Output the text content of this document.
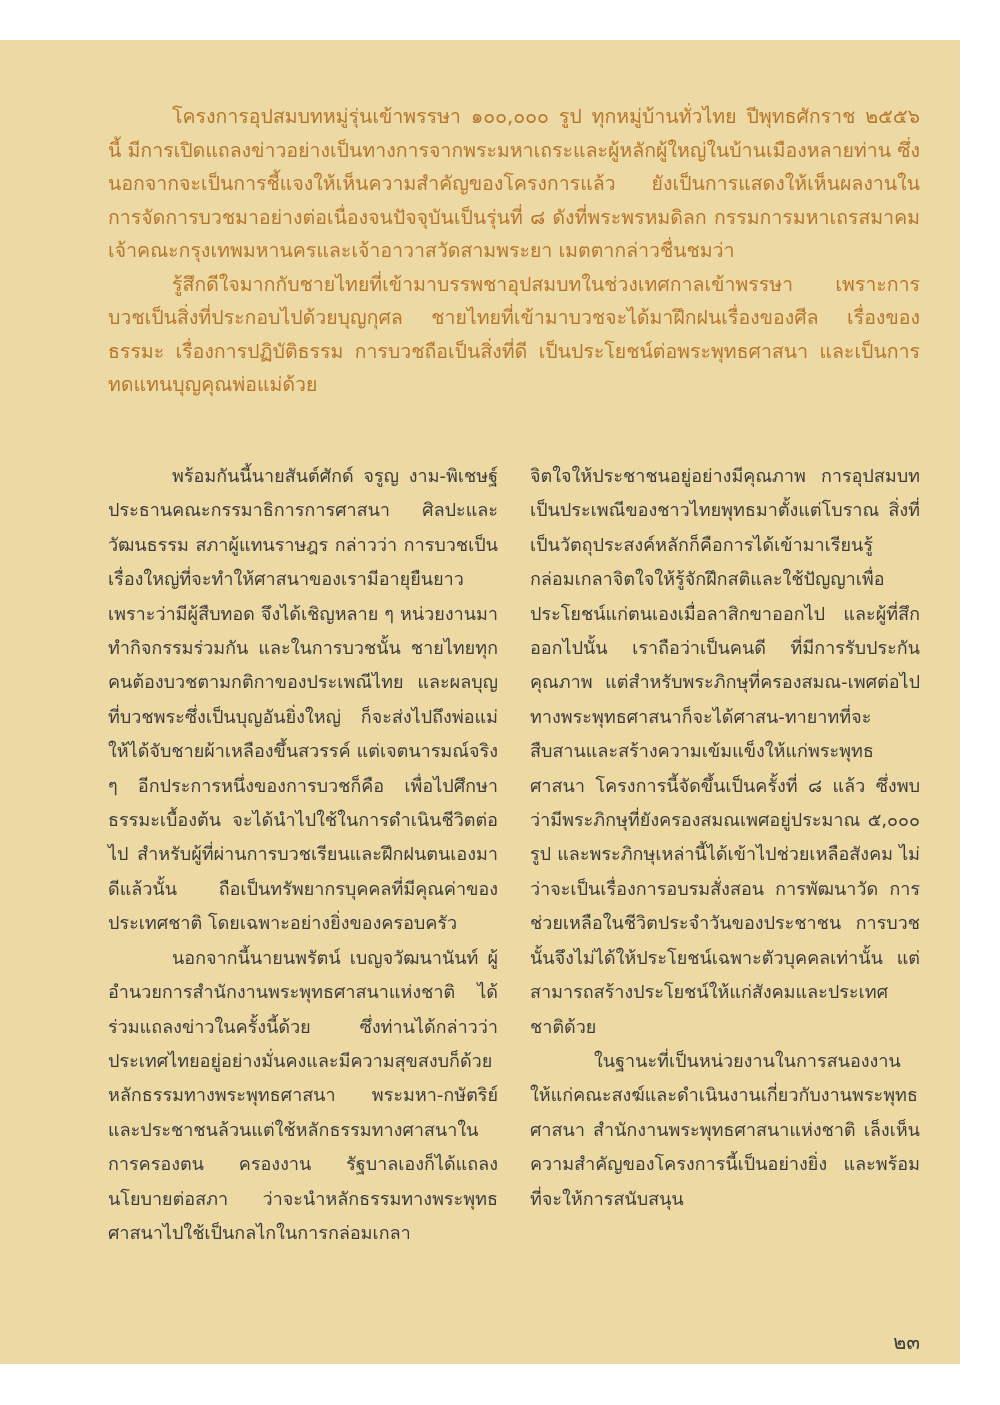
โครงการอุปสมบทหมู่รุ่นเข้าพรรษา ๑๐๐,๐๐๐ รูป ทุกหมู่บ้านทั่วไทย ปีพุทธศักราช ๒๕๕๖ นี้ มีการเปิดแถลงข่าวอย่างเป็นทางการจากพระมหาเถระและผู้หลักผู้ใหญ่ในบ้านเมืองหลายท่าน ซึ่งนอกจากจะเป็นการชี้แจงให้เห็นความสำคัญของโครงการแล้ว ยังเป็นการแสดงให้เห็นผลงานในการจัดการบวชมาอย่างต่อเนื่องจนปัจจุบันเป็นรุ่นที่ ๘ ดังที่พระพรหมดิลก กรรมการมหาเถรสมาคม เจ้าคณะกรุงเทพมหานครและเจ้าอาวาสวัดสามพระยา เมตตากล่าวชื่นชมว่า

รู้สึกดีใจมากกับชายไทยที่เข้ามาบรรพชาอุปสมบทในช่วงเทศกาลเข้าพรรษา เพราะการบวชเป็นสิ่งที่ประกอบไปด้วยบุญกุศล ชายไทยที่เข้ามาบวชจะได้มาฝึกฝนเรื่องของศีล เรื่องของธรรมะ เรื่องการปฏิบัติธรรม การบวชถือเป็นสิ่งที่ดี เป็นประโยชน์ต่อพระพุทธศาสนา และเป็นการทดแทนบุญคุณพ่อแม่ด้วย

พร้อมกันนี้นายสันต์ศักด์ จรูญ งาม-พิเชษฐ์ ประธานคณะกรรมาธิการการศาสนา ศิลปะและวัฒนธรรม สภาผู้แทนราษฎร กล่าวว่า การบวชเป็นเรื่องใหญ่ที่จะทำให้ศาสนาของเรามีอายุยืนยาวเพราะว่ามีผู้สืบทอด จึงได้เชิญหลาย ๆ หน่วยงานมาทำกิจกรรมร่วมกัน และในการบวชนั้น ชายไทยทุกคนต้องบวชตามกติกาของประเพณีไทย และผลบุญที่บวชพระซึ่งเป็นบุญอันยิ่งใหญ่ ก็จะส่งไปถึงพ่อแม่ให้ได้จับชายผ้าเหลืองขึ้นสวรรค์ แต่เจตนารมณ์จริง ๆ อีกประการหนึ่งของการบวชก็คือ เพื่อไปศึกษาธรรมะเบื้องต้น จะได้นำไปใช้ในการดำเนินชีวิตต่อไป สำหรับผู้ที่ผ่านการบวชเรียนและฝึกฝนตนเองมาดีแล้วนั้น ถือเป็นทรัพยากรบุคคลที่มีคุณค่าของประเทศชาติ โดยเฉพาะอย่างยิ่งของครอบครัว

นอกจากนี้นายนพรัตน์ เบญจวัฒนานันท์ ผู้อำนวยการสำนักงานพระพุทธศาสนาแห่งชาติ ได้ร่วมแถลงข่าวในครั้งนี้ด้วย ซึ่งท่านได้กล่าวว่าประเทศไทยอยู่อย่างมั่นคงและมีความสุขสงบก็ด้วยหลักธรรมทางพระพุทธศาสนา พระมหา-กษัตริย์และประชาชนล้วนแต่ใช้หลักธรรมทางศาสนาในการครองตน ครองงาน รัฐบาลเองก็ได้แถลงนโยบายต่อสภา ว่าจะนำหลักธรรมทางพระพุทธศาสนาไปใช้เป็นกลไกในการกล่อมเกลา

จิตใจให้ประชาชนอยู่อย่างมีคุณภาพ การอุปสมบทเป็นประเพณีของชาวไทยพุทธมาตั้งแต่โบราณ สิ่งที่เป็นวัตถุประสงค์หลักก็คือการได้เข้ามาเรียนรู้ กล่อมเกลาจิตใจให้รู้จักฝึกสติและใช้ปัญญาเพื่อประโยชน์แก่ตนเองเมื่อลาสิกขาออกไป และผู้ที่สึกออกไปนั้น เราถือว่าเป็นคนดี ที่มีการรับประกันคุณภาพ แต่สำหรับพระภิกษุที่ครองสมณ-เพศต่อไป ทางพระพุทธศาสนาก็จะได้ศาสน-ทายาทที่จะสืบสานและสร้างความเข้มแข็งให้แก่พระพุทธศาสนา โครงการนี้จัดขึ้นเป็นครั้งที่ ๘ แล้ว ซึ่งพบว่ามีพระภิกษุที่ยังครองสมณเพศอยู่ประมาณ ๕,๐๐๐ รูป และพระภิกษุเหล่านี้ได้เข้าไปช่วยเหลือสังคม ไม่ว่าจะเป็นเรื่องการอบรมสั่งสอน การพัฒนาวัด การช่วยเหลือในชีวิตประจำวันของประชาชน การบวชนั้นจึงไม่ได้ให้ประโยชน์เฉพาะตัวบุคคลเท่านั้น แต่สามารถสร้างประโยชน์ให้แก่สังคมและประเทศชาติด้วย

ในฐานะที่เป็นหน่วยงานในการสนองงานให้แก่คณะสงฆ์และดำเนินงานเกี่ยวกับงานพระพุทธศาสนา สำนักงานพระพุทธศาสนาแห่งชาติ เล็งเห็นความสำคัญของโครงการนี้เป็นอย่างยิ่ง และพร้อมที่จะให้การสนับสนุน

๒๓
